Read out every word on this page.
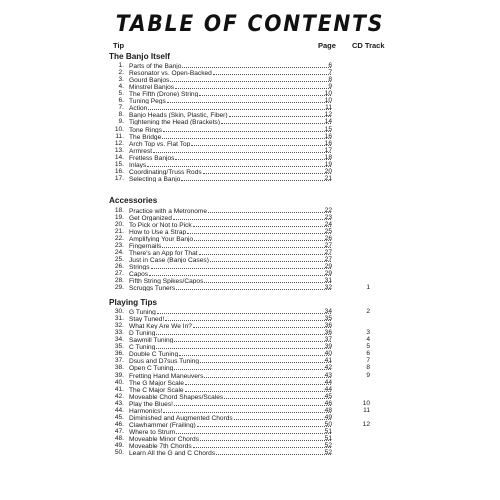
TABLE OF CONTENTS
Tip	Page CD Track
The Banjo Itself
1. Parts of the Banjo	6
2. Resonator vs. Open-Backed	7
3. Gourd Banjos	8
4. Minstrel Banjos	9
5. The Fifth (Drone) String	10
6. Tuning Pegs	10
7. Action	11
8. Banjo Heads (Skin, Plastic, Fiber)	12
9. Tightening the Head (Brackets)	14
10. Tone Rings	15
11. The Bridge	16
12. Arch Top vs. Flat Top	16
13. Armrest	17
14. Fretless Banjos	18
15. Inlays	19
16. Coordinating/Truss Rods	20
17. Selecting a Banjo	21
Accessories
18. Practice with a Metronome	22
19. Get Organized	23
20. To Pick or Not to Pick	24
21. How to Use a Strap	25
22. Amplifying Your Banjo	26
23. Fingernails	27
24. There's an App for That	27
25. Just in Case (Banjo Cases)	27
26. Strings	29
27. Capos	29
28. Fifth String Spikes/Capos	31
29. Scruggs Tuners	32	1
Playing Tips
30. G Tuning	34	2
31. Stay Tuned!	35
32. What Key Are We In?	36
33. D Tuning	36	3
34. Sawmill Tuning	37	4
35. C Tuning	39	5
36. Double C Tuning	40	6
37. Dsus and D7sus Tuning	41	7
38. Open C Tuning	42	8
39. Fretting Hand Maneuvers	43	9
40. The G Major Scale	44
41. The C Major Scale	44
42. Moveable Chord Shapes/Scales	45
43. Play the Blues!	46	10
44. Harmonics!	48	11
45. Diminished and Augmented Chords	49
46. Clawhammer (Frailing)	50	12
47. Where to Strum	51
48. Moveable Minor Chords	51
49. Moveable 7th Chords	52
50. Learn All the G and C Chords	52
